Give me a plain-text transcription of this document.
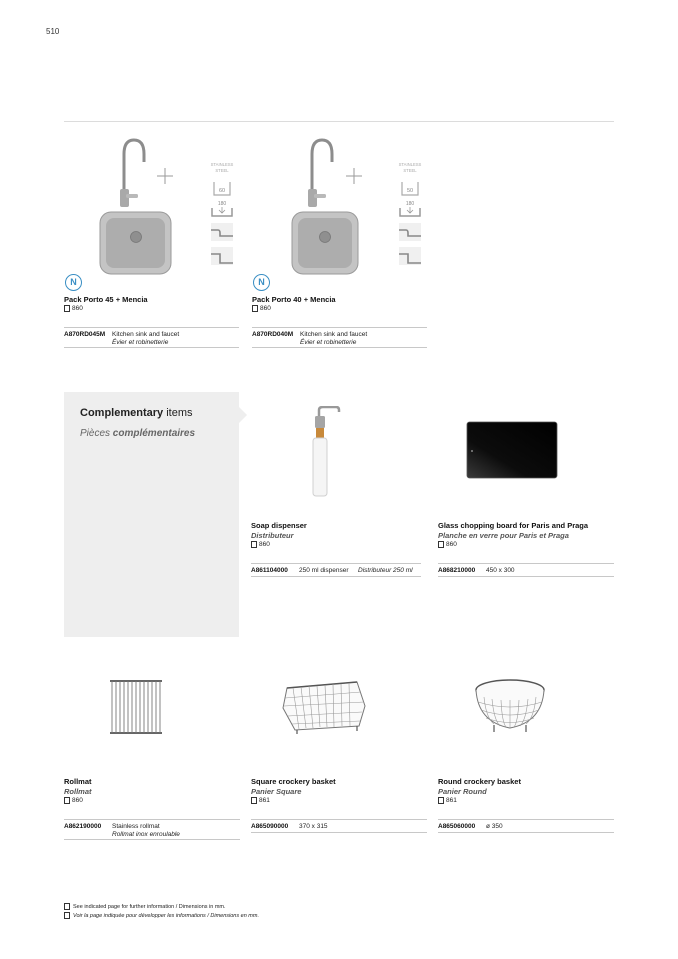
510
STAINLESS
STEEL
60
180
N
Pack Porto 45 + Mencia
860
A870RD045M Kitchen sink and faucet
Évier et robinetterie
STAINLESS
STEEL
50
180
N
Pack Porto 40 + Mencia
860
A870RD040M Kitchen sink and faucet
Évier et robinetterie
Complementary items
Pièces complémentaires
Soap dispenser
Distributeur
860
A861104000 250 ml dispenser Distributeur 250 ml
Glass chopping board for Paris and Praga
Planche en verre pour Paris et Praga
860
A868210000 450 x 300
Rollmat
Rollmat
860
A862190000 Stainless rollmat
Rollmat inox enroulable
Square crockery basket
Panier Square
861
A865090000 370 x 315
Round crockery basket
Panier Round
861
A865060000 ø 350
See indicated page for further information / Dimensions in mm.
Voir la page indiquée pour développer les informations / Dimensions en mm.
